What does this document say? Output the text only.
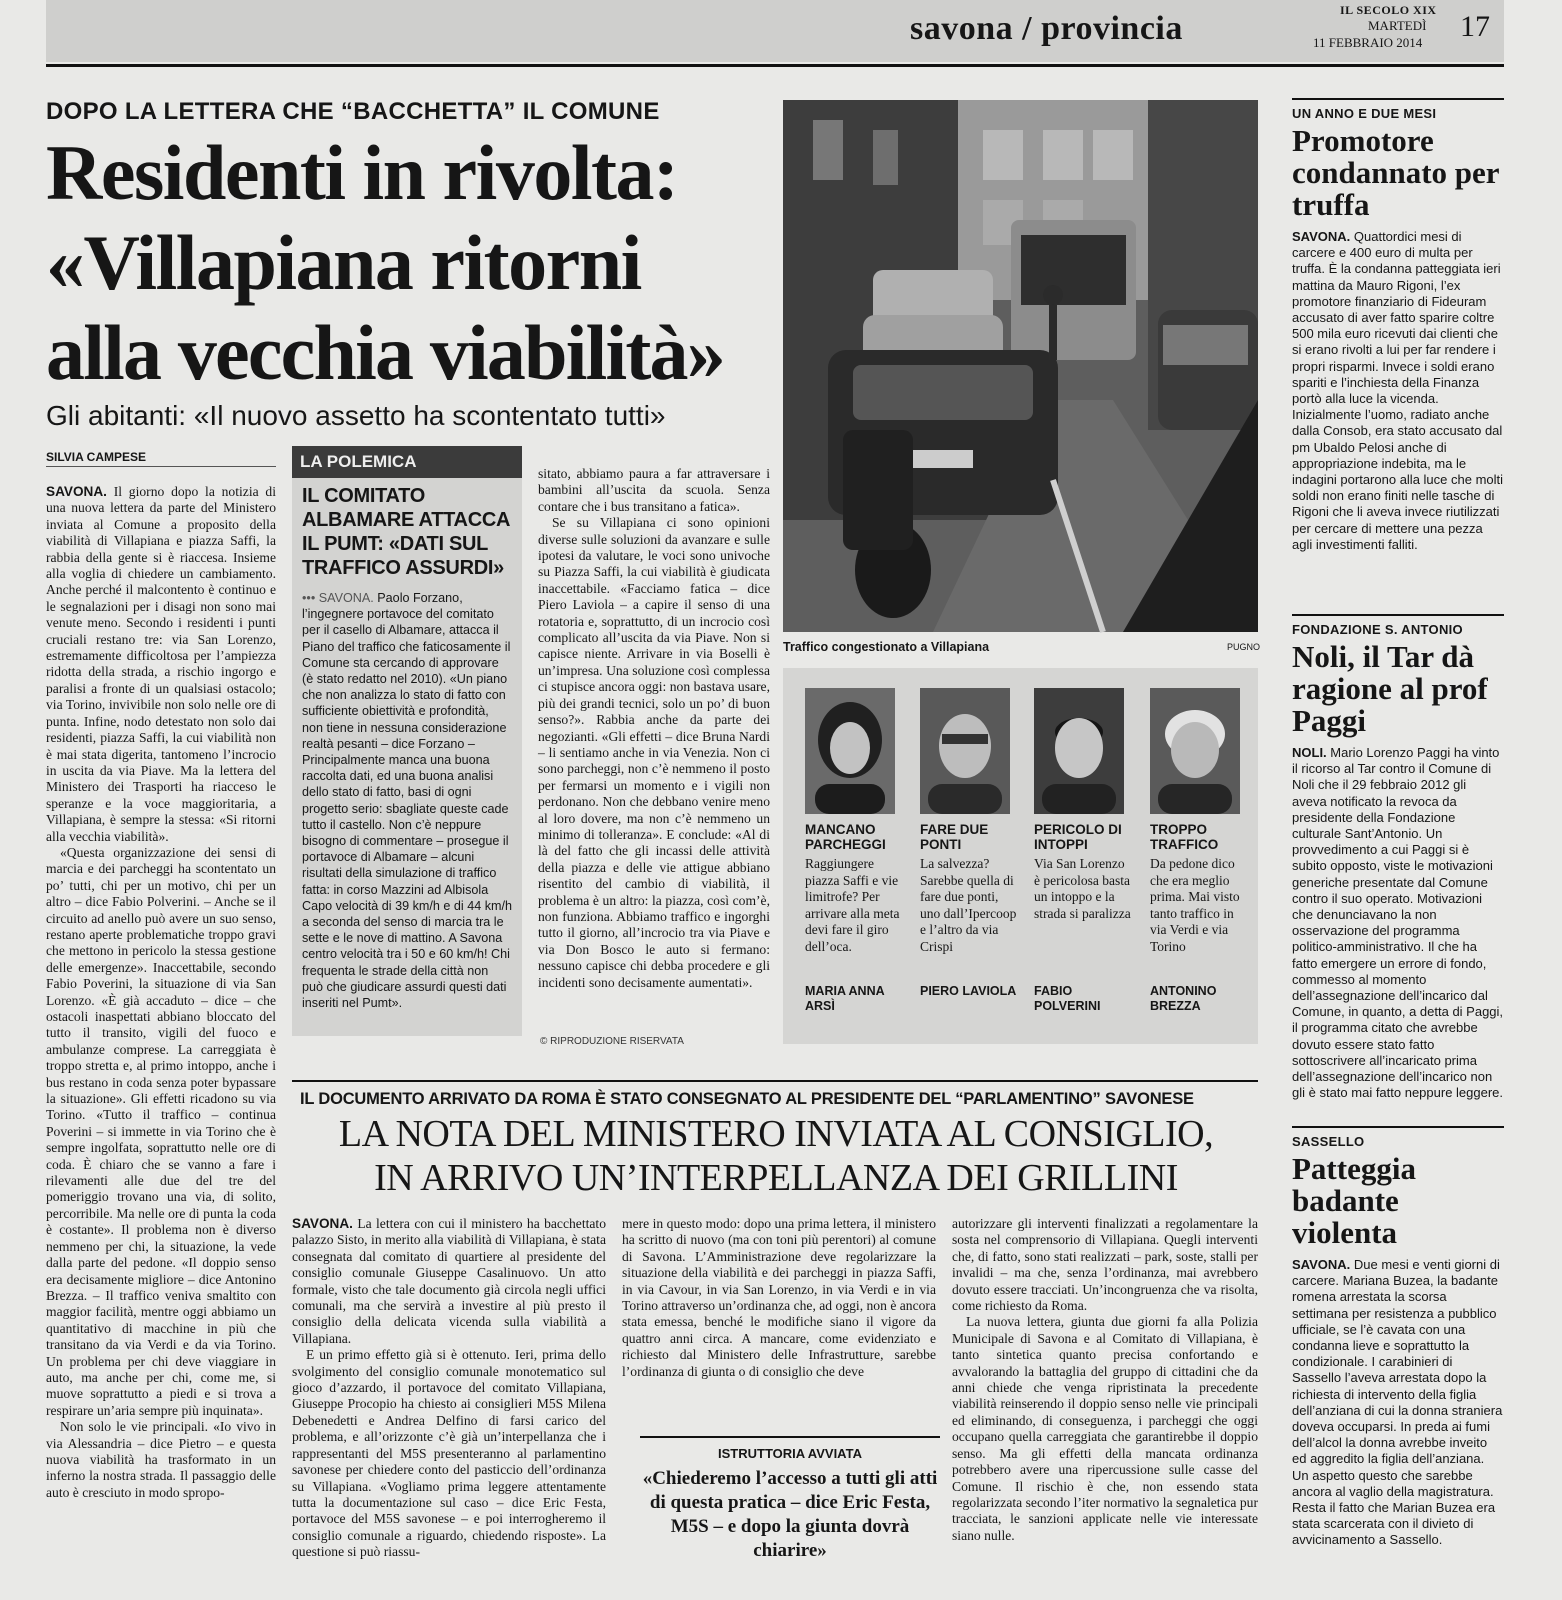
savona / provincia	IL SECOLO XIX
MARTEDÌ
11 FEBBRAIO 2014 17
DOPO LA LETTERA CHE “BACCHETTA” IL COMUNE
Residenti in rivolta:
«Villapiana ritorni
alla vecchia viabilità»
Gli abitanti: «Il nuovo assetto ha scontentato tutti»
SILVIA CAMPESE

SAVONA. Il giorno dopo la notizia di una nuova lettera da parte del Ministero inviata al Comune a proposito della viabilità di Villapiana e piazza Saffi, la rabbia della gente si è riaccesa. Insieme alla voglia di chiedere un cambiamento. Anche perché il malcontento è continuo e le segnalazioni per i disagi non sono mai venute meno. Secondo i residenti i punti cruciali restano tre: via San Lorenzo, estremamente difficoltosa per l’ampiezza ridotta della strada, a rischio ingorgo e paralisi a fronte di un qualsiasi ostacolo; via Torino, invivibile non solo nelle ore di punta. Infine, nodo detestato non solo dai residenti, piazza Saffi, la cui viabilità non è mai stata digerita, tantomeno l’incrocio in uscita da via Piave. Ma la lettera del Ministero dei Trasporti ha riacceso le speranze e la voce maggioritaria, a Villapiana, è sempre la stessa: «Si ritorni alla vecchia viabilità».

«Questa organizzazione dei sensi di marcia e dei parcheggi ha scontentato un po’ tutti, chi per un motivo, chi per un altro – dice Fabio Polverini. – Anche se il circuito ad anello può avere un suo senso, restano aperte problematiche troppo gravi che mettono in pericolo la stessa gestione delle emergenze». Inaccettabile, secondo Fabio Poverini, la situazione di via San Lorenzo. «È già accaduto – dice – che ostacoli inaspettati abbiano bloccato del tutto il transito, vigili del fuoco e ambulanze comprese. La carreggiata è troppo stretta e, al primo intoppo, anche i bus restano in coda senza poter bypassare la situazione». Gli effetti ricadono su via Torino. «Tutto il traffico – continua Poverini – si immette in via Torino che è sempre ingolfata, soprattutto nelle ore di coda. È chiaro che se vanno a fare i rilevamenti alle due del tre del pomeriggio trovano una via, di solito, percorribile. Ma nelle ore di punta la coda è costante». Il problema non è diverso nemmeno per chi, la situazione, la vede dalla parte del pedone. «Il doppio senso era decisamente migliore – dice Antonino Brezza. – Il traffico veniva smaltito con maggior facilità, mentre oggi abbiamo un quantitativo di macchine in più che transitano da via Verdi e da via Torino. Un problema per chi deve viaggiare in auto, ma anche per chi, come me, si muove soprattutto a piedi e si trova a respirare un’aria sempre più inquinata».

Non solo le vie principali. «Io vivo in via Alessandria – dice Pietro – e questa nuova viabilità ha trasformato in un inferno la nostra strada. Il passaggio delle auto è cresciuto in modo spropo-

LA POLEMICA
IL COMITATO ALBAMARE ATTACCA IL PUMT: «DATI SUL TRAFFICO ASSURDI»
••• SAVONA. Paolo Forzano, l’ingegnere portavoce del comitato per il casello di Albamare, attacca il Piano del traffico che faticosamente il Comune sta cercando di approvare (è stato redatto nel 2010). «Un piano che non analizza lo stato di fatto con sufficiente obiettività e profondità, non tiene in nessuna considerazione realtà pesanti – dice Forzano – Principalmente manca una buona raccolta dati, ed una buona analisi dello stato di fatto, basi di ogni progetto serio: sbagliate queste cade tutto il castello. Non c’è neppure bisogno di commentare – prosegue il portavoce di Albamare – alcuni risultati della simulazione di traffico fatta: in corso Mazzini ad Albisola Capo velocità di 39 km/h e di 44 km/h a seconda del senso di marcia tra le sette e le nove di mattino. A Savona centro velocità tra i 50 e 60 km/h! Chi frequenta le strade della città non può che giudicare assurdi questi dati inseriti nel Pumt».

sitato, abbiamo paura a far attraversare i bambini all’uscita da scuola. Senza contare che i bus transitano a fatica».

Se su Villapiana ci sono opinioni diverse sulle soluzioni da avanzare e sulle ipotesi da valutare, le voci sono univoche su Piazza Saffi, la cui viabilità è giudicata inaccettabile. «Facciamo fatica – dice Piero Laviola – a capire il senso di una rotatoria e, soprattutto, di un incrocio così complicato all’uscita da via Piave. Non si capisce niente. Arrivare in via Boselli è un’impresa. Una soluzione così complessa ci stupisce ancora oggi: non bastava usare, più dei grandi tecnici, solo un po’ di buon senso?». Rabbia anche da parte dei negozianti. «Gli effetti – dice Bruna Nardi – li sentiamo anche in via Venezia. Non ci sono parcheggi, non c’è nemmeno il posto per fermarsi un momento e i vigili non perdonano. Non che debbano venire meno al loro dovere, ma non c’è nemmeno un minimo di tolleranza». E conclude: «Al di là del fatto che gli incassi delle attività della piazza e delle vie attigue abbiano risentito del cambio di viabilità, il problema è un altro: la piazza, così com’è, non funziona. Abbiamo traffico e ingorghi tutto il giorno, all’incrocio tra via Piave e via Don Bosco le auto si fermano: nessuno capisce chi debba procedere e gli incidenti sono decisamente aumentati».

© RIPRODUZIONE RISERVATA
Traffico congestionato a Villapiana	PUGNO
MANCANO PARCHEGGI
Raggiungere piazza Saffi e vie limitrofe? Per arrivare alla meta devi fare il giro dell’oca.
MARIA ANNA ARSÌ
FARE DUE PONTI
La salvezza? Sarebbe quella di fare due ponti, uno dall’Ipercoop e l’altro da via Crispi
PIERO LAVIOLA
PERICOLO DI INTOPPI
Via San Lorenzo è pericolosa basta un intoppo e la strada si paralizza
FABIO POLVERINI
TROPPO TRAFFICO
Da pedone dico che era meglio prima. Mai visto tanto traffico in via Verdi e via Torino
ANTONINO BREZZA
UN ANNO E DUE MESI
Promotore condannato per truffa
SAVONA. Quattordici mesi di carcere e 400 euro di multa per truffa. È la condanna patteggiata ieri mattina da Mauro Rigoni, l’ex promotore finanziario di Fideuram accusato di aver fatto sparire coltre 500 mila euro ricevuti dai clienti che si erano rivolti a lui per far rendere i propri risparmi. Invece i soldi erano spariti e l’inchiesta della Finanza portò alla luce la vicenda. Inizialmente l’uomo, radiato anche dalla Consob, era stato accusato dal pm Ubaldo Pelosi anche di appropriazione indebita, ma le indagini portarono alla luce che molti soldi non erano finiti nelle tasche di Rigoni che li aveva invece riutilizzati per cercare di mettere una pezza agli investimenti falliti.
FONDAZIONE S. ANTONIO
Noli, il Tar dà ragione al prof Paggi
NOLI. Mario Lorenzo Paggi ha vinto il ricorso al Tar contro il Comune di Noli che il 29 febbraio 2012 gli aveva notificato la revoca da presidente della Fondazione culturale Sant’Antonio. Un provvedimento a cui Paggi si è subito opposto, viste le motivazioni generiche presentate dal Comune contro il suo operato. Motivazioni che denunciavano la non osservazione del programma politico-amministrativo. Il che ha fatto emergere un errore di fondo, commesso al momento dell’assegnazione dell’incarico dal Comune, in quanto, a detta di Paggi, il programma citato che avrebbe dovuto essere stato fatto sottoscrivere all’incaricato prima dell’assegnazione dell’incarico non gli è stato mai fatto neppure leggere.
SASSELLO
Patteggia badante violenta
SAVONA. Due mesi e venti giorni di carcere. Mariana Buzea, la badante romena arrestata la scorsa settimana per resistenza a pubblico ufficiale, se l’è cavata con una condanna lieve e soprattutto la condizionale. I carabinieri di Sassello l’aveva arrestata dopo la richiesta di intervento della figlia dell’anziana di cui la donna straniera doveva occuparsi. In preda ai fumi dell’alcol la donna avrebbe inveito ed aggredito la figlia dell’anziana. Un aspetto questo che sarebbe ancora al vaglio della magistratura. Resta il fatto che Marian Buzea era stata scarcerata con il divieto di avvicinamento a Sassello.
IL DOCUMENTO ARRIVATO DA ROMA È STATO CONSEGNATO AL PRESIDENTE DEL “PARLAMENTINO” SAVONESE
LA NOTA DEL MINISTERO INVIATA AL CONSIGLIO,
IN ARRIVO UN’INTERPELLANZA DEI GRILLINI

SAVONA. La lettera con cui il ministero ha bacchettato palazzo Sisto, in merito alla viabilità di Villapiana, è stata consegnata dal comitato di quartiere al presidente del consiglio comunale Giuseppe Casalinuovo. Un atto formale, visto che tale documento già circola negli uffici comunali, ma che servirà a investire al più presto il consiglio della delicata vicenda sulla viabilità a Villapiana.

E un primo effetto già si è ottenuto. Ieri, prima dello svolgimento del consiglio comunale monotematico sul gioco d’azzardo, il portavoce del comitato Villapiana, Giuseppe Procopio ha chiesto ai consiglieri M5S Milena Debenedetti e Andrea Delfino di farsi carico del problema, e all’orizzonte c’è già un’interpellanza che i rappresentanti del M5S presenteranno al parlamentino savonese per chiedere conto del pasticcio dell’ordinanza su Villapiana. «Vogliamo prima leggere attentamente tutta la documentazione sul caso – dice Eric Festa, portavoce del M5S savonese – e poi interrogheremo il consiglio comunale a riguardo, chiedendo risposte». La questione si può riassu-

mere in questo modo: dopo una prima lettera, il ministero ha scritto di nuovo (ma con toni più perentori) al comune di Savona. L’Amministrazione deve regolarizzare la situazione della viabilità e dei parcheggi in piazza Saffi, in via Cavour, in via San Lorenzo, in via Verdi e in via Torino attraverso un’ordinanza che, ad oggi, non è ancora stata emessa, benché le modifiche siano il vigore da quattro anni circa. A mancare, come evidenziato e richiesto dal Ministero delle Infrastrutture, sarebbe l’ordinanza di giunta o di consiglio che deve

ISTRUTTORIA AVVIATA
«Chiederemo l’accesso a tutti gli atti di questa pratica – dice Eric Festa, M5S – e dopo la giunta dovrà chiarire»

autorizzare gli interventi finalizzati a regolamentare la sosta nel comprensorio di Villapiana. Quegli interventi che, di fatto, sono stati realizzati – park, soste, stalli per invalidi – ma che, senza l’ordinanza, mai avrebbero dovuto essere tracciati. Un’incongruenza che va risolta, come richiesto da Roma.

La nuova lettera, giunta due giorni fa alla Polizia Municipale di Savona e al Comitato di Villapiana, è tanto sintetica quanto precisa confortando e avvalorando la battaglia del gruppo di cittadini che da anni chiede che venga ripristinata la precedente viabilità reinserendo il doppio senso nelle vie principali ed eliminando, di conseguenza, i parcheggi che oggi occupano quella carreggiata che garantirebbe il doppio senso. Ma gli effetti della mancata ordinanza potrebbero avere una ripercussione sulle casse del Comune. Il rischio è che, non essendo stata regolarizzata secondo l’iter normativo la segnaletica pur tracciata, le sanzioni applicate nelle vie interessate siano nulle.
